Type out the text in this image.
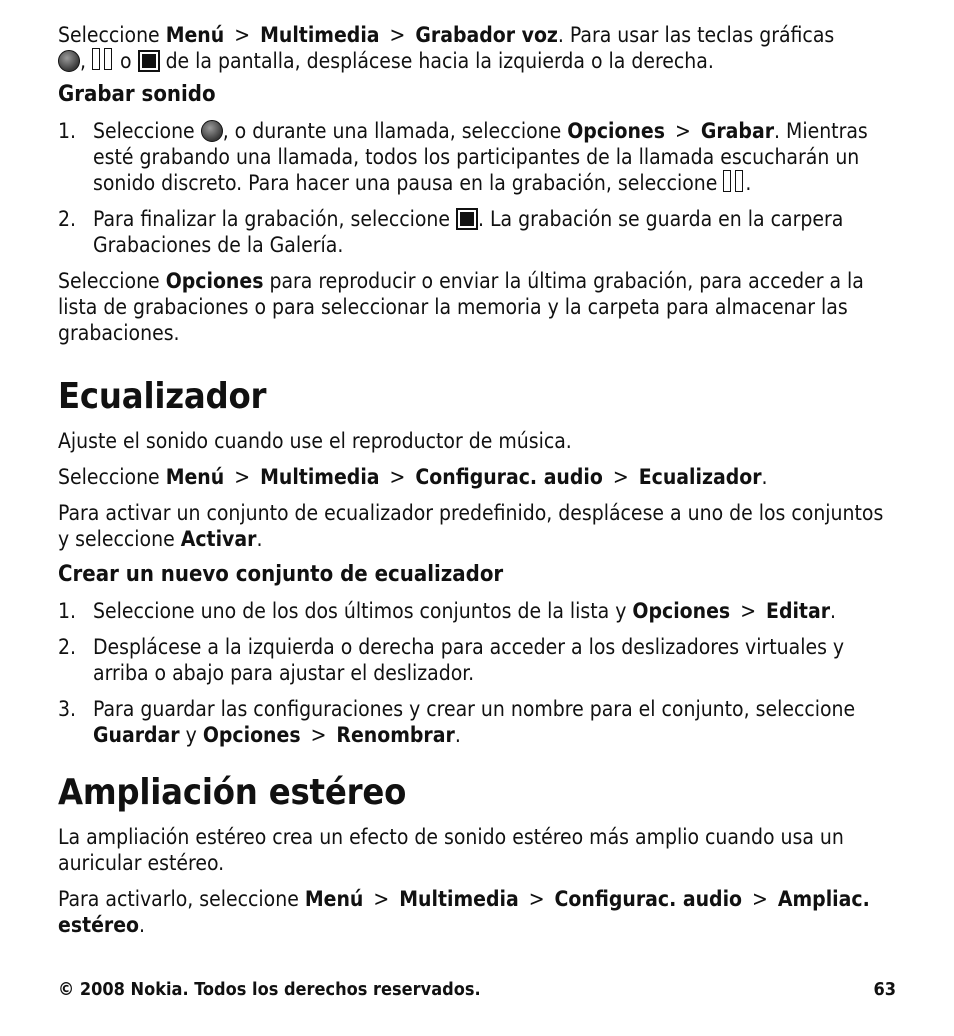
Seleccione Menú > Multimedia > Grabador voz. Para usar las teclas gráficas
, o de la pantalla, desplácese hacia la izquierda o la derecha.

Grabar sonido
1. Seleccione , o durante una llamada, seleccione Opciones > Grabar. Mientras esté grabando una llamada, todos los participantes de la llamada escucharán un sonido discreto. Para hacer una pausa en la grabación, seleccione .
2. Para finalizar la grabación, seleccione . La grabación se guarda en la carpera Grabaciones de la Galería.

Seleccione Opciones para reproducir o enviar la última grabación, para acceder a la lista de grabaciones o para seleccionar la memoria y la carpeta para almacenar las grabaciones.

Ecualizador

Ajuste el sonido cuando use el reproductor de música.

Seleccione Menú > Multimedia > Configurac. audio > Ecualizador.

Para activar un conjunto de ecualizador predefinido, desplácese a uno de los conjuntos y seleccione Activar.

Crear un nuevo conjunto de ecualizador
1. Seleccione uno de los dos últimos conjuntos de la lista y Opciones > Editar.
2. Desplácese a la izquierda o derecha para acceder a los deslizadores virtuales y arriba o abajo para ajustar el deslizador.
3. Para guardar las configuraciones y crear un nombre para el conjunto, seleccione Guardar y Opciones > Renombrar.
Ampliación estéreo

La ampliación estéreo crea un efecto de sonido estéreo más amplio cuando usa un auricular estéreo.

Para activarlo, seleccione Menú > Multimedia > Configurac. audio > Ampliac. estéreo.

© 2008 Nokia. Todos los derechos reservados.	63
